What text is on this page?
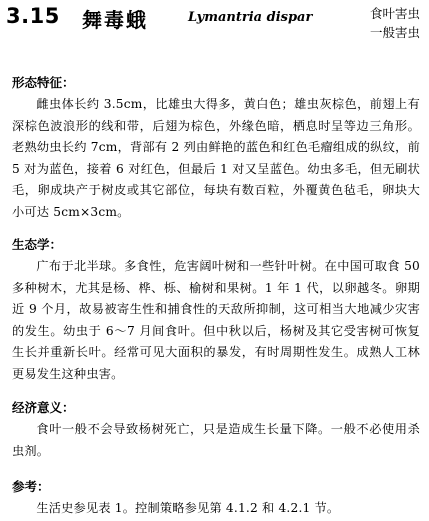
3.15 舞毒蛾	Lymantria dispar	食叶害虫
一般害虫
形态特征：

雌虫体长约 3.5cm，比雄虫大得多，黄白色；雄虫灰棕色，前翅上有深棕色波浪形的线和带，后翅为棕色，外缘色暗，栖息时呈等边三角形。老熟幼虫长约 7cm，背部有 2 列由鲜艳的蓝色和红色毛瘤组成的纵纹，前 5 对为蓝色，接着 6 对红色，但最后 1 对又呈蓝色。幼虫多毛，但无刷状毛，卵成块产于树皮或其它部位，每块有数百粒，外覆黄色毡毛，卵块大小可达 5cm×3cm。

生态学：

广布于北半球。多食性，危害阔叶树和一些针叶树。在中国可取食 50 多种树木，尤其是杨、桦、栎、榆树和果树。1 年 1 代，以卵越冬。卵期近 9 个月，故易被寄生性和捕食性的天敌所抑制，这可相当大地减少灾害的发生。幼虫于 6～7 月间食叶。但中秋以后，杨树及其它受害树可恢复生长并重新长叶。经常可见大面积的暴发，有时周期性发生。成熟人工林更易发生这种虫害。

经济意义：

食叶一般不会导致杨树死亡，只是造成生长量下降。一般不必使用杀虫剂。

参考：

生活史参见表 1。控制策略参见第 4.1.2 和 4.2.1 节。
